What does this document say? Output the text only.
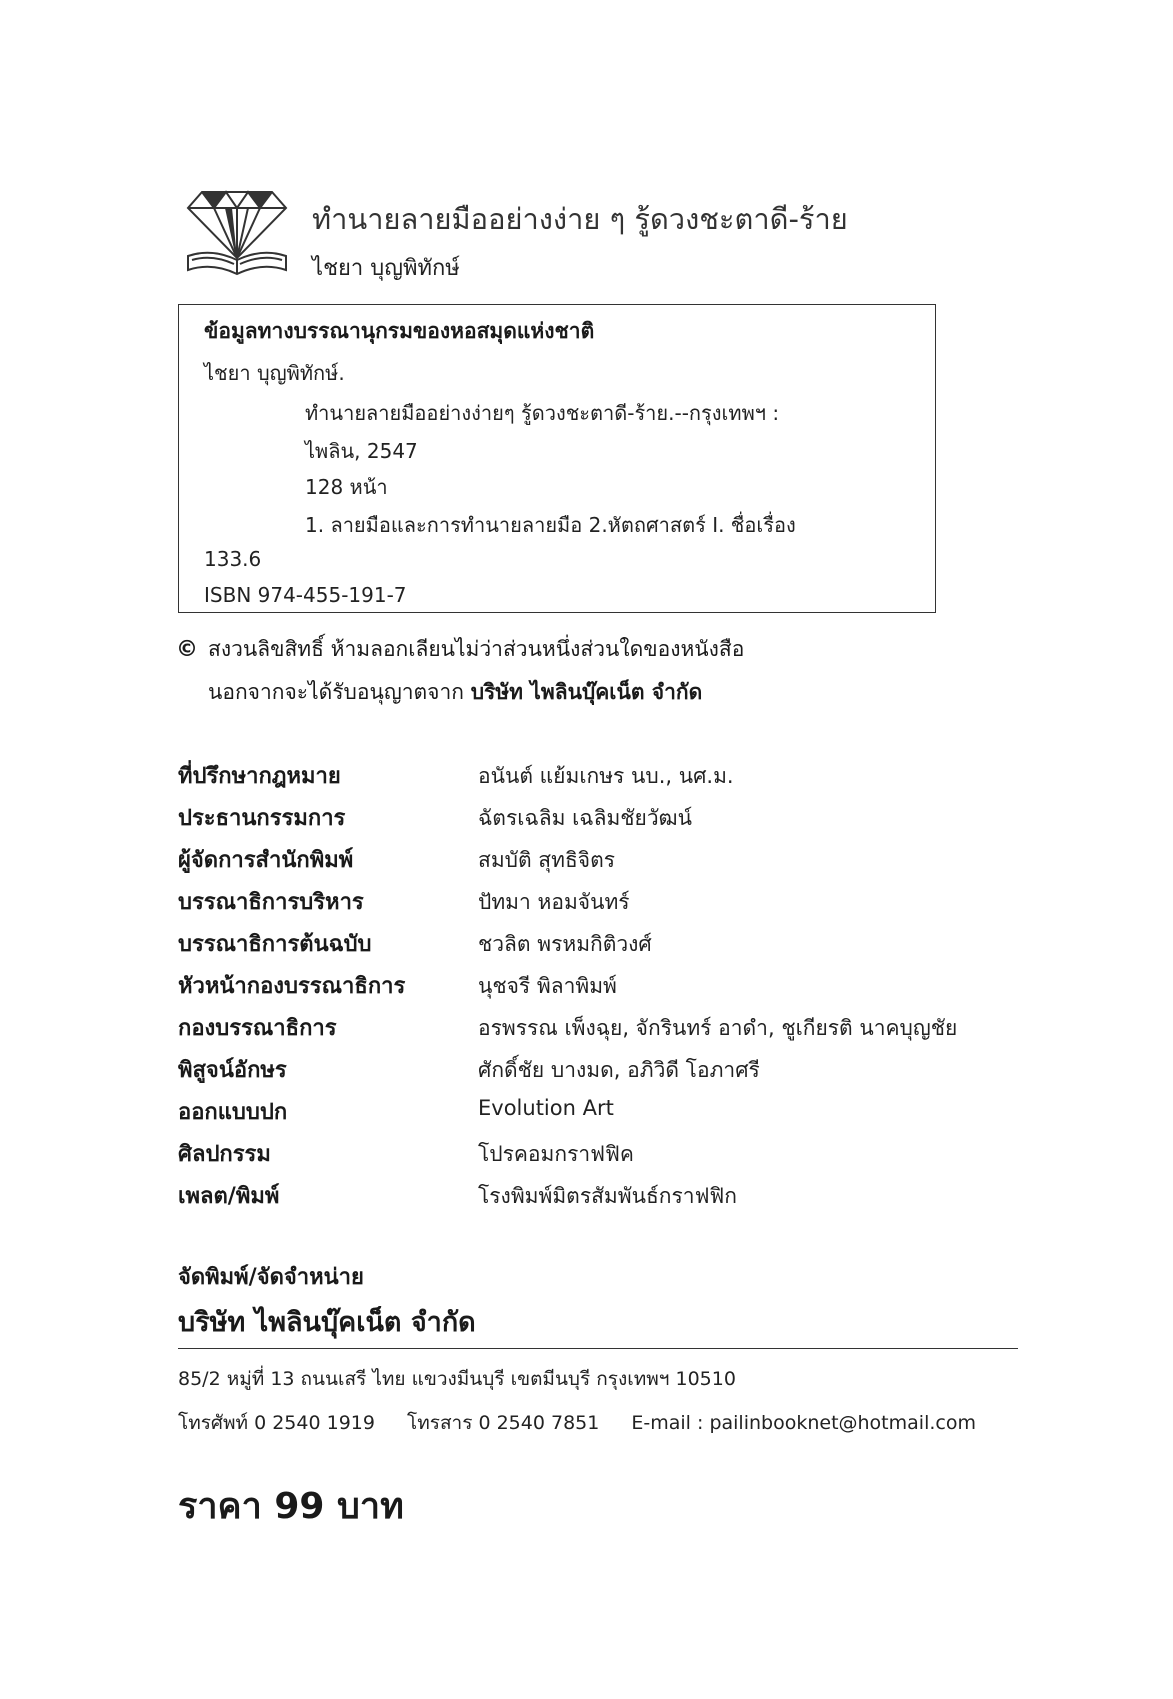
ทำนายลายมืออย่างง่าย ๆ รู้ดวงชะตาดี-ร้าย
ไชยา บุญพิทักษ์
ข้อมูลทางบรรณานุกรมของหอสมุดแห่งชาติ
ไชยา บุญพิทักษ์.
ทำนายลายมืออย่างง่ายๆ รู้ดวงชะตาดี-ร้าย.--กรุงเทพฯ :
ไพลิน, 2547
128 หน้า
1. ลายมือและการทำนายลายมือ 2.หัตถศาสตร์ I. ชื่อเรื่อง
133.6
ISBN 974-455-191-7
© สงวนลิขสิทธิ์ ห้ามลอกเลียนไม่ว่าส่วนหนึ่งส่วนใดของหนังสือ
นอกจากจะได้รับอนุญาตจาก บริษัท ไพลินบุ๊คเน็ต จำกัด
ที่ปรึกษากฎหมาย	อนันต์ แย้มเกษร นบ., นศ.ม.
ประธานกรรมการ	ฉัตรเฉลิม เฉลิมชัยวัฒน์
ผู้จัดการสำนักพิมพ์	สมบัติ สุทธิจิตร
บรรณาธิการบริหาร	ปัทมา หอมจันทร์
บรรณาธิการต้นฉบับ	ชวลิต พรหมกิติวงศ์
หัวหน้ากองบรรณาธิการ	นุชจรี พิลาพิมพ์
กองบรรณาธิการ	อรพรรณ เพ็งฉุย, จักรินทร์ อาดำ, ชูเกียรติ นาคบุญชัย
พิสูจน์อักษร	ศักดิ์ชัย บางมด, อภิวิดี โอภาศรี
ออกแบบปก	Evolution Art
ศิลปกรรม	โปรคอมกราฟฟิค
เพลต/พิมพ์	โรงพิมพ์มิตรสัมพันธ์กราฟฟิก
จัดพิมพ์/จัดจำหน่าย
บริษัท ไพลินบุ๊คเน็ต จำกัด
85/2 หมู่ที่ 13 ถนนเสรี ไทย แขวงมีนบุรี เขตมีนบุรี กรุงเทพฯ 10510
โทรศัพท์ 0 2540 1919 โทรสาร 0 2540 7851 E-mail : pailinbooknet@hotmail.com
ราคา 99 บาท
